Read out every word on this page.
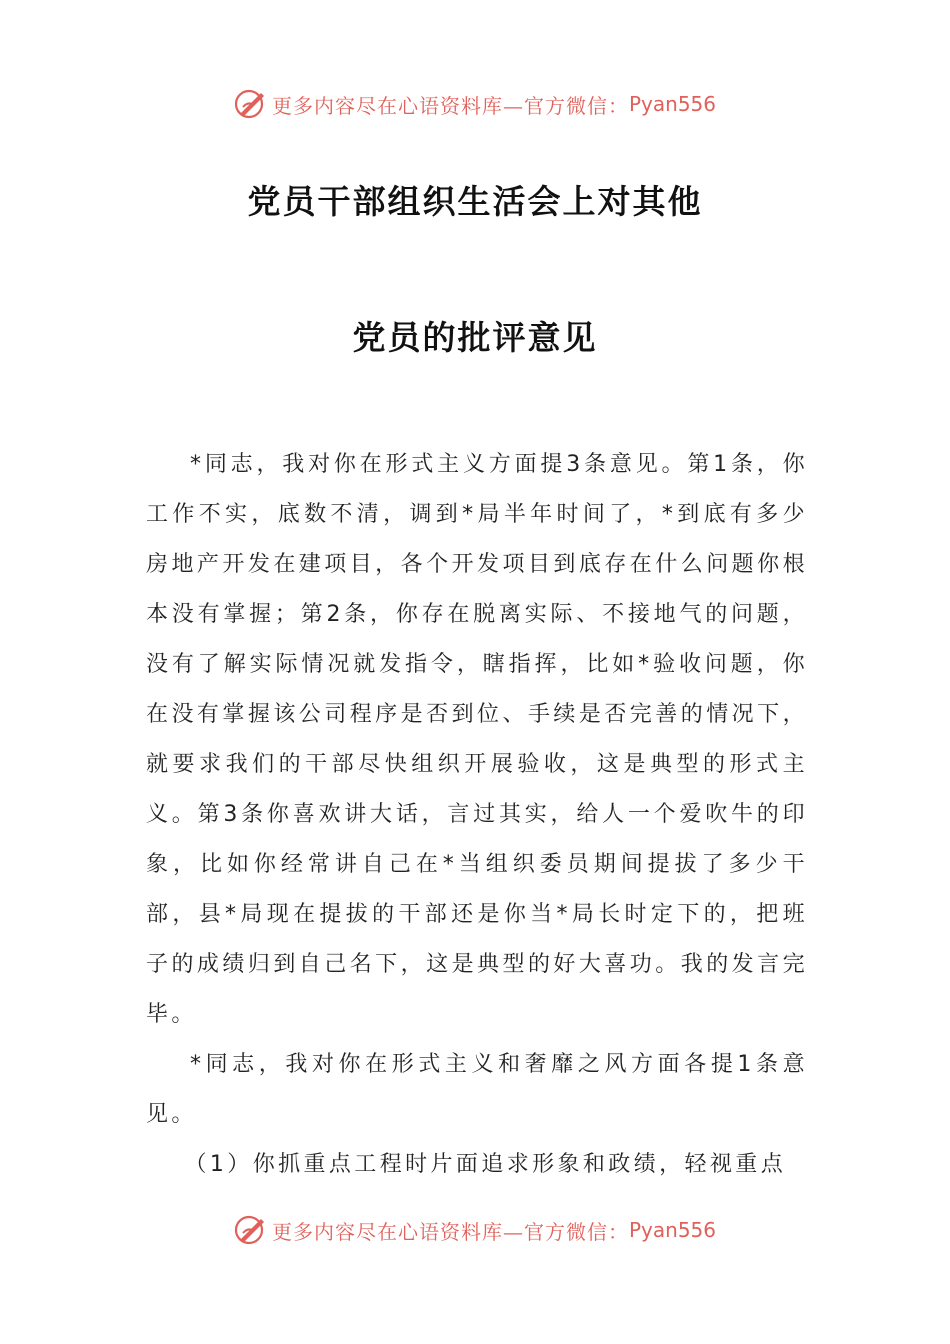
更多内容尽在心语资料库—官方微信： Pyan556
党员干部组织生活会上对其他
党员的批评意见

*同志，我对你在形式主义方面提3条意见。第1条，你工作不实，底数不清，调到*局半年时间了，*到底有多少房地产开发在建项目，各个开发项目到底存在什么问题你根本没有掌握；第2条，你存在脱离实际、不接地气的问题，没有了解实际情况就发指令，瞎指挥，比如*验收问题，你在没有掌握该公司程序是否到位、手续是否完善的情况下，就要求我们的干部尽快组织开展验收，这是典型的形式主义。第3条你喜欢讲大话，言过其实，给人一个爱吹牛的印象，比如你经常讲自己在*当组织委员期间提拔了多少干部，县*局现在提拔的干部还是你当*局长时定下的，把班子的成绩归到自己名下，这是典型的好大喜功。我的发言完毕。

*同志，我对你在形式主义和奢靡之风方面各提1条意见。

（1）你抓重点工程时片面追求形象和政绩，轻视重点

更多内容尽在心语资料库—官方微信： Pyan556
